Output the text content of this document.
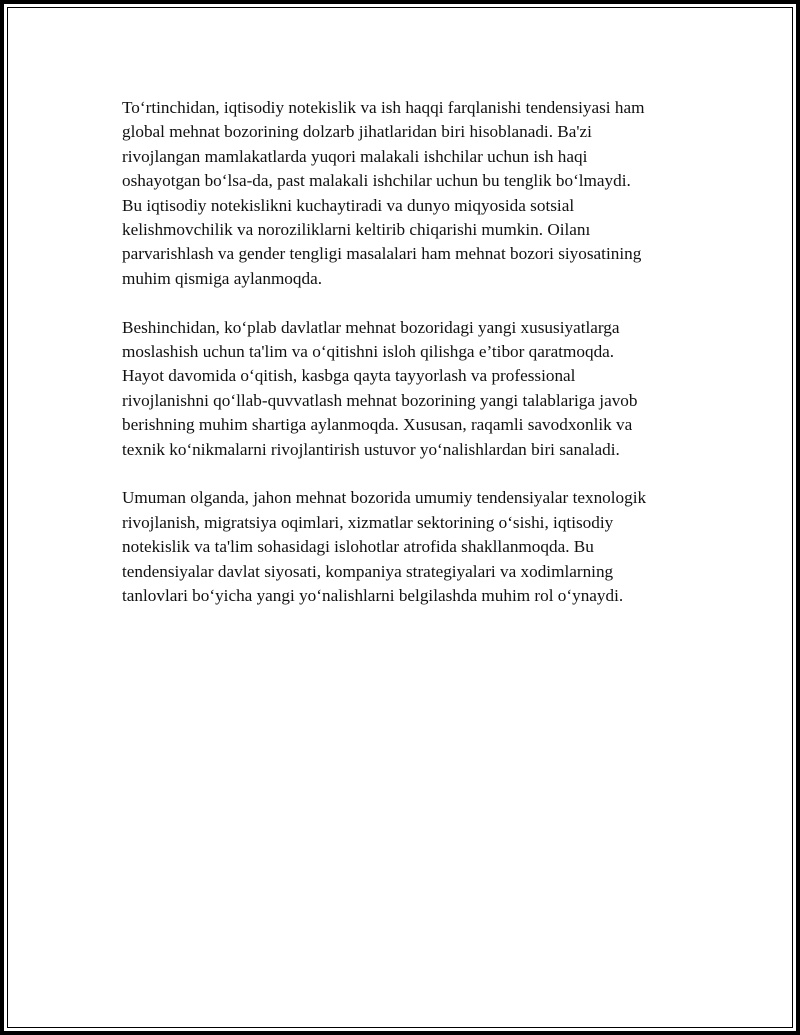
To‘rtinchidan, iqtisodiy notekislik va ish haqqi farqlanishi tendensiyasi ham
global mehnat bozorining dolzarb jihatlaridan biri hisoblanadi. Ba'zi
rivojlangan mamlakatlarda yuqori malakali ishchilar uchun ish haqi
oshayotgan bo‘lsa-da, past malakali ishchilar uchun bu tenglik bo‘lmaydi.
Bu iqtisodiy notekislikni kuchaytiradi va dunyo miqyosida sotsial
kelishmovchilik va noroziliklarni keltirib chiqarishi mumkin. Oilanı
parvarishlash va gender tengligi masalalari ham mehnat bozori siyosatining
muhim qismiga aylanmoqda.

Beshinchidan, ko‘plab davlatlar mehnat bozoridagi yangi xususiyatlarga
moslashish uchun ta'lim va o‘qitishni isloh qilishga e’tibor qaratmoqda.
Hayot davomida o‘qitish, kasbga qayta tayyorlash va professional
rivojlanishni qo‘llab-quvvatlash mehnat bozorining yangi talablariga javob
berishning muhim shartiga aylanmoqda. Xususan, raqamli savodxonlik va
texnik ko‘nikmalarni rivojlantirish ustuvor yo‘nalishlardan biri sanaladi.

Umuman olganda, jahon mehnat bozorida umumiy tendensiyalar texnologik
rivojlanish, migratsiya oqimlari, xizmatlar sektorining o‘sishi, iqtisodiy
notekislik va ta'lim sohasidagi islohotlar atrofida shakllanmoqda. Bu
tendensiyalar davlat siyosati, kompaniya strategiyalari va xodimlarning
tanlovlari bo‘yicha yangi yo‘nalishlarni belgilashda muhim rol o‘ynaydi.
